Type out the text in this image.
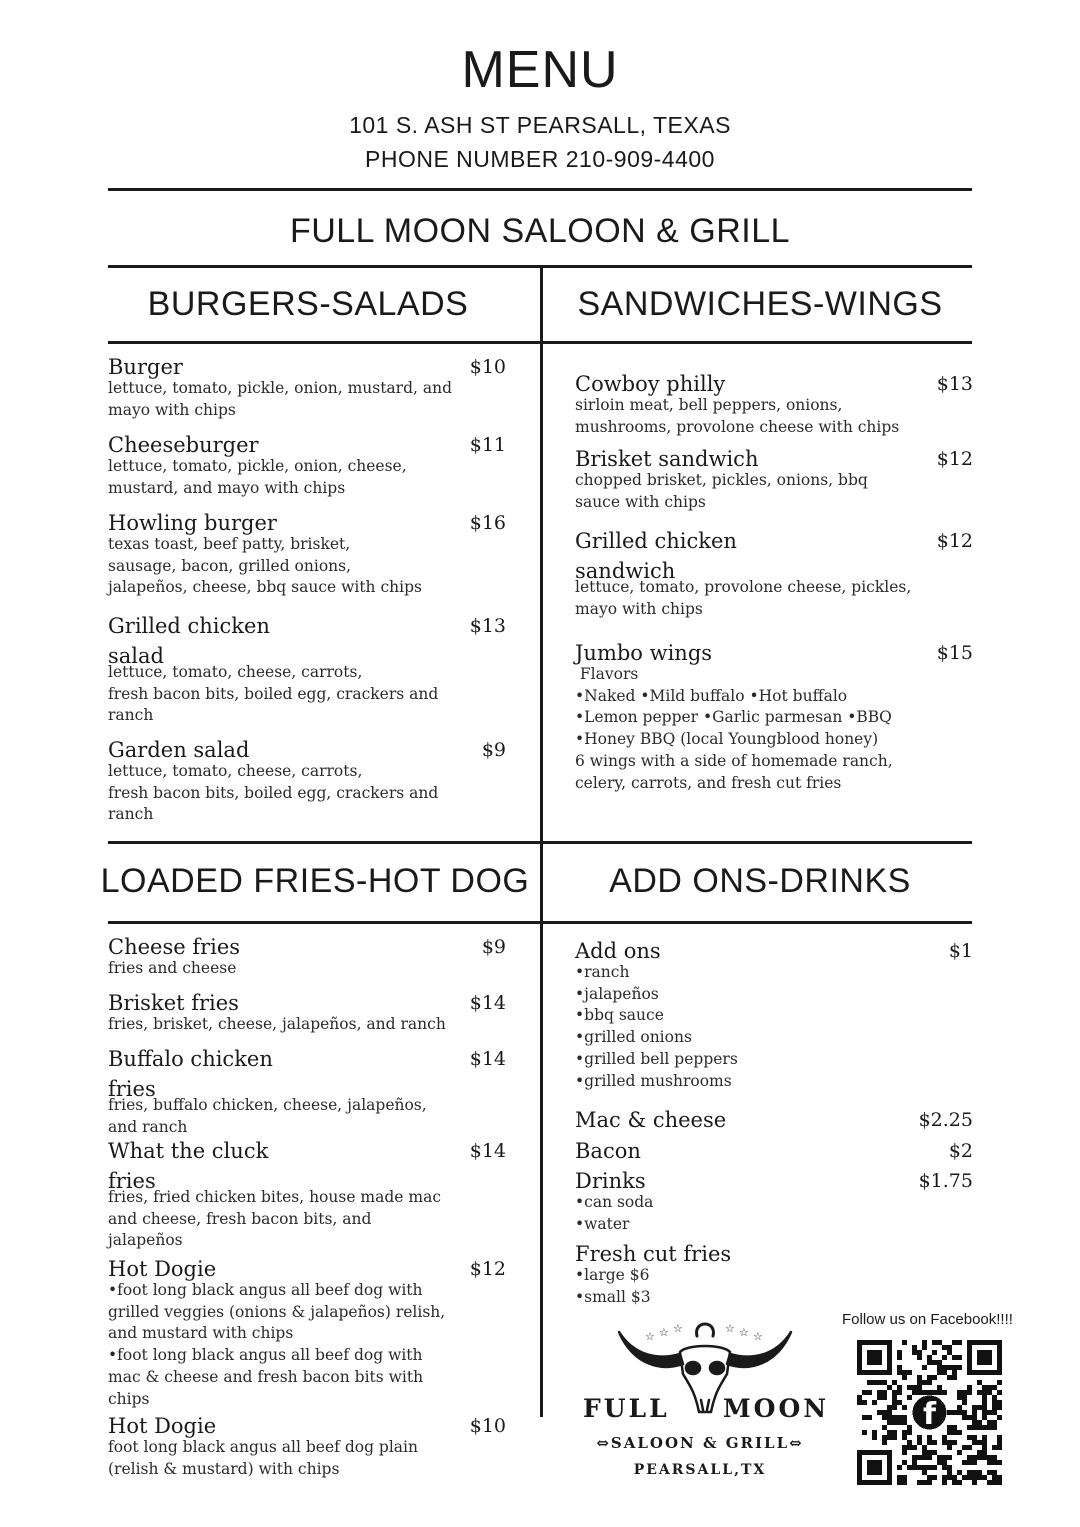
MENU
101 S. ASH ST PEARSALL, TEXAS
PHONE NUMBER 210-909-4400
FULL MOON SALOON & GRILL
BURGERS-SALADS	SANDWICHES-WINGS
LOADED FRIES-HOT DOG	ADD ONS-DRINKS
Burger	$10
lettuce, tomato, pickle, onion, mustard, and
mayo with chips
Cheeseburger	$11
lettuce, tomato, pickle, onion, cheese,
mustard, and mayo with chips
Howling burger	$16
texas toast, beef patty, brisket,
sausage, bacon, grilled onions,
jalapeños, cheese, bbq sauce with chips
Grilled chicken	$13
salad
lettuce, tomato, cheese, carrots,
fresh bacon bits, boiled egg, crackers and
ranch
Garden salad	$9
lettuce, tomato, cheese, carrots,
fresh bacon bits, boiled egg, crackers and
ranch
Cowboy philly	$13
sirloin meat, bell peppers, onions,
mushrooms, provolone cheese with chips
Brisket sandwich	$12
chopped brisket, pickles, onions, bbq
sauce with chips
Grilled chicken	$12
sandwich
lettuce, tomato, provolone cheese, pickles,
mayo with chips
Jumbo wings	$15
Flavors
•Naked •Mild buffalo •Hot buffalo
•Lemon pepper •Garlic parmesan •BBQ
•Honey BBQ (local Youngblood honey)
6 wings with a side of homemade ranch,
celery, carrots, and fresh cut fries
Cheese fries	$9
fries and cheese
Brisket fries	$14
fries, brisket, cheese, jalapeños, and ranch
Buffalo chicken	$14
fries
fries, buffalo chicken, cheese, jalapeños,
and ranch
What the cluck	$14
fries
fries, fried chicken bites, house made mac
and cheese, fresh bacon bits, and
jalapeños
Hot Dogie	$12
•foot long black angus all beef dog with
grilled veggies (onions & jalapeños) relish,
and mustard with chips
•foot long black angus all beef dog with
mac & cheese and fresh bacon bits with
chips
Hot Dogie	$10
foot long black angus all beef dog plain
(relish & mustard) with chips
Add ons	$1
•ranch
•jalapeños
•bbq sauce
•grilled onions
•grilled bell peppers
•grilled mushrooms
Mac & cheese	$2.25
Bacon	$2
Drinks	$1.75
•can soda
•water
Fresh cut fries
•large $6
•small $3
☆ ☆ ☆	☆ ☆ ☆
FULL MOON
⇔SALOON & GRILL⇔
PEARSALL,TX
Follow us on Facebook!!!!
f
